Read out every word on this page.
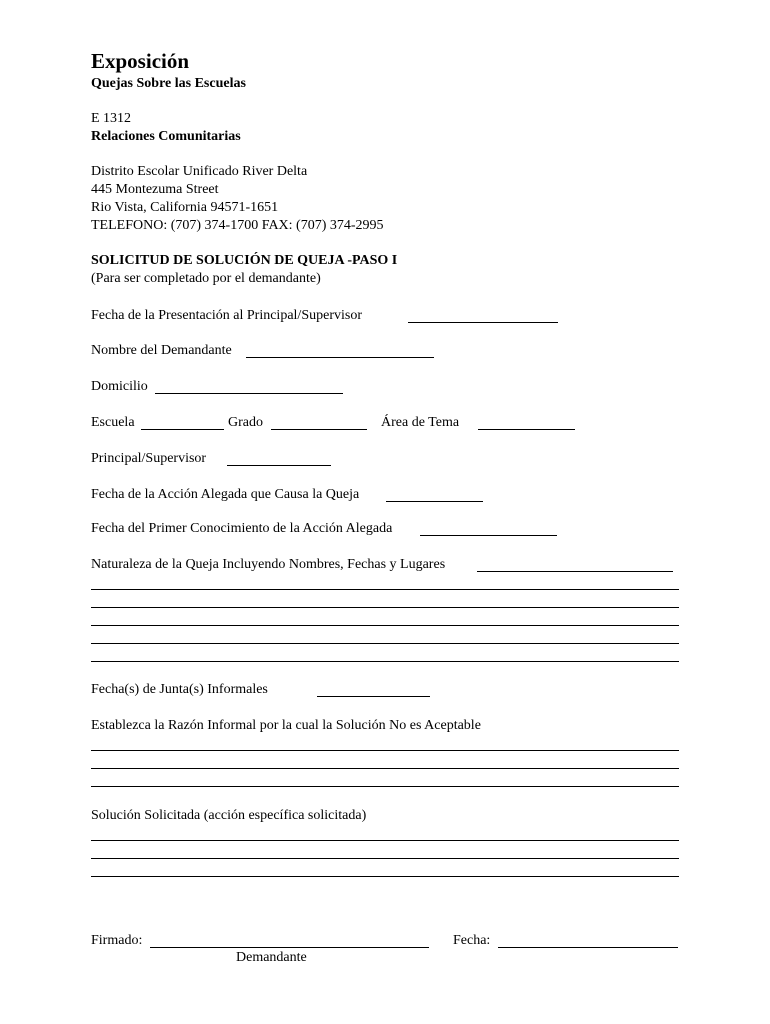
Exposición
Quejas Sobre las Escuelas
E 1312
Relaciones Comunitarias
Distrito Escolar Unificado River Delta
445 Montezuma Street
Rio Vista, California 94571-1651
TELEFONO: (707) 374-1700 FAX: (707) 374-2995
SOLICITUD DE SOLUCIÓN DE QUEJA -PASO I
(Para ser completado por el demandante)
Fecha de la Presentación al Principal/Supervisor
Nombre del Demandante
Domicilio
Escuela	Grado	Área de Tema
Principal/Supervisor
Fecha de la Acción Alegada que Causa la Queja
Fecha del Primer Conocimiento de la Acción Alegada
Naturaleza de la Queja Incluyendo Nombres, Fechas y Lugares
Fecha(s) de Junta(s) Informales
Establezca la Razón Informal por la cual la Solución No es Aceptable
Solución Solicitada (acción específica solicitada)
Firmado:
Demandante
Fecha:
